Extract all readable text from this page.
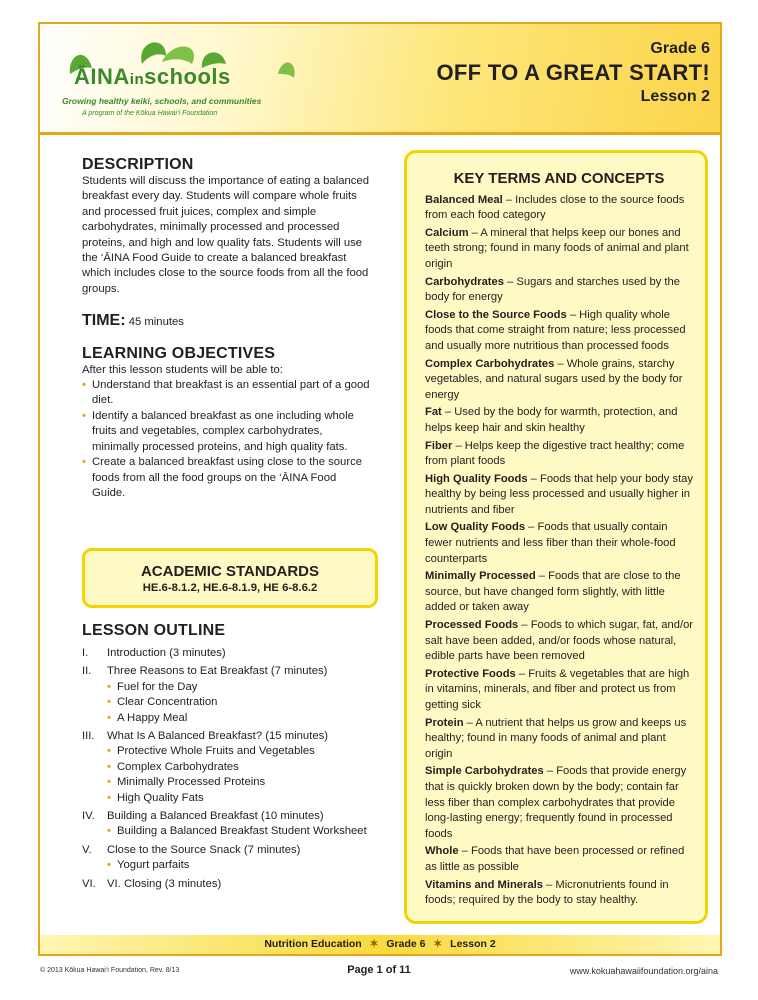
ĀINAinschools
Growing healthy keiki, schools, and communities
A program of the Kōkua Hawai‘i Foundation
Grade 6
OFF TO A GREAT START!
Lesson 2
DESCRIPTION

Students will discuss the importance of eating a balanced breakfast every day. Students will compare whole fruits and processed fruit juices, complex and simple carbohydrates, minimally processed and processed proteins, and high and low quality fats. Students will use the ‘ĀINA Food Guide to create a balanced breakfast which includes close to the source foods from all the food groups.

TIME: 45 minutes
LEARNING OBJECTIVES

After this lesson students will be able to:

• Understand that breakfast is an essential part of a good diet.
• Identify a balanced breakfast as one including whole fruits and vegetables, complex carbohydrates, minimally processed proteins, and high quality fats.
• Create a balanced breakfast using close to the source foods from all the food groups on the ‘ĀINA Food Guide.
ACADEMIC STANDARDS
HE.6-8.1.2, HE.6-8.1.9, HE 6-8.6.2
LESSON OUTLINE
I. Introduction (3 minutes)
II. Three Reasons to Eat Breakfast (7 minutes)
• Fuel for the Day
• Clear Concentration
• A Happy Meal
III. What Is A Balanced Breakfast? (15 minutes)
• Protective Whole Fruits and Vegetables
• Complex Carbohydrates
• Minimally Processed Proteins
• High Quality Fats
IV. Building a Balanced Breakfast (10 minutes)
• Building a Balanced Breakfast Student Worksheet
V. Close to the Source Snack (7 minutes)
• Yogurt parfaits
VI. VI. Closing (3 minutes)
KEY TERMS AND CONCEPTS
Balanced Meal – Includes close to the source foods from each food category
Calcium – A mineral that helps keep our bones and teeth strong; found in many foods of animal and plant origin
Carbohydrates – Sugars and starches used by the body for energy
Close to the Source Foods – High quality whole foods that come straight from nature; less processed and usually more nutritious than processed foods
Complex Carbohydrates – Whole grains, starchy vegetables, and natural sugars used by the body for energy
Fat – Used by the body for warmth, protection, and helps keep hair and skin healthy
Fiber – Helps keep the digestive tract healthy; come from plant foods
High Quality Foods – Foods that help your body stay healthy by being less processed and usually higher in nutrients and fiber
Low Quality Foods – Foods that usually contain fewer nutrients and less fiber than their whole-food counterparts
Minimally Processed – Foods that are close to the source, but have changed form slightly, with little added or taken away
Processed Foods – Foods to which sugar, fat, and/or salt have been added, and/or foods whose natural, edible parts have been removed
Protective Foods – Fruits & vegetables that are high in vitamins, minerals, and fiber and protect us from getting sick
Protein – A nutrient that helps us grow and keeps us healthy; found in many foods of animal and plant origin
Simple Carbohydrates – Foods that provide energy that is quickly broken down by the body; contain far less fiber than complex carbohydrates that provide long-lasting energy; frequently found in processed foods
Whole – Foods that have been processed or refined as little as possible
Vitamins and Minerals – Micronutrients found in foods; required by the body to stay healthy.
Nutrition Education ✶ Grade 6 ✶ Lesson 2
© 2013 Kōkua Hawai‘i Foundation, Rev. 8/13	Page 1 of 11	www.kokuahawaiifoundation.org/aina
